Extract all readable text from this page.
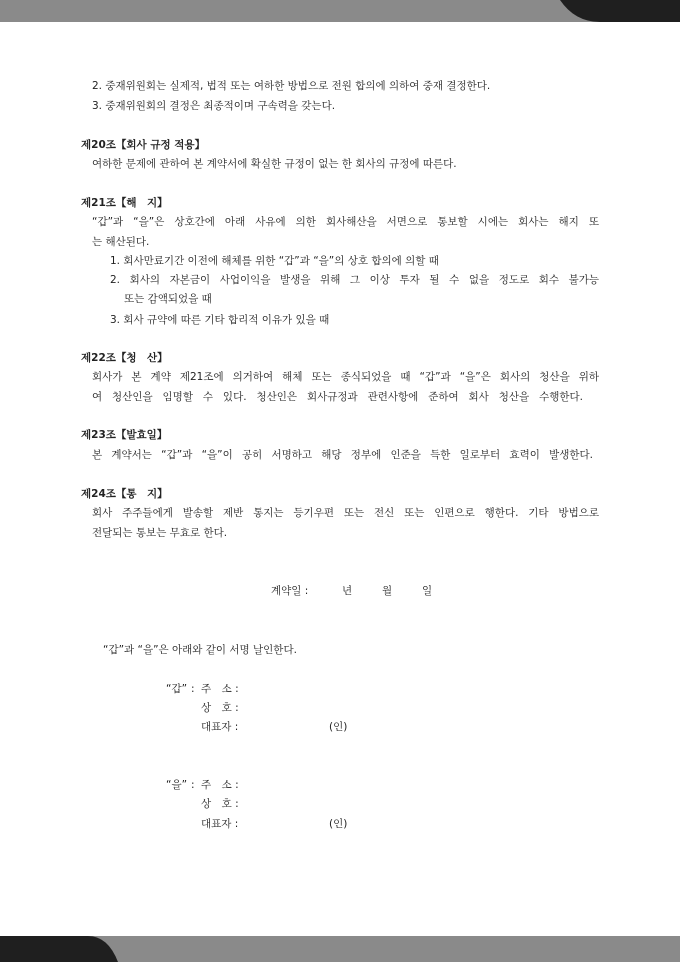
2. 중재위원회는 실제적, 법적 또는 여하한 방법으로 전원 합의에 의하여 중재 결정한다.
3. 중재위원회의 결정은 최종적이며 구속력을 갖는다.
제20조【회사 규정 적용】
여하한 문제에 관하여 본 계약서에 확실한 규정이 없는 한 회사의 규정에 따른다.
제21조【해　지】
“갑”과 “을”은 상호간에 아래 사유에 의한 회사해산을 서면으로 통보할 시에는 회사는 해지 또
는 해산된다.
1. 회사만료기간 이전에 해체를 위한 “갑”과 “을”의 상호 합의에 의할 때
2. 회사의 자본금이 사업이익을 발생을 위해 그 이상 투자 될 수 없을 정도로 회수 불가능
또는 감액되었을 때
3. 회사 규약에 따른 기타 합리적 이유가 있을 때
제22조【청　산】
회사가 본 계약 제21조에 의거하여 해체 또는 종식되었을 때 “갑”과 “을”은 회사의 청산을 위하
여 청산인을 임명할 수 있다. 청산인은 회사규정과 관련사항에 준하여 회사 청산을 수행한다.
제23조【발효일】
본 계약서는 “갑”과 “을”이 공히 서명하고 해당 정부에 인준을 득한 일로부터 효력이 발생한다.
제24조【통　지】
회사 주주들에게 발송할 제반 통지는 등기우편 또는 전신 또는 인편으로 행한다. 기타 방법으로
전달되는 통보는 무효로 한다.
계약일 :	년	월	일
“갑”과 “을”은 아래와 같이 서명 날인한다.
“갑” : 주　소 :
상　호 :
대표자 :	(인)
“을” : 주　소 :
상　호 :
대표자 :	(인)
